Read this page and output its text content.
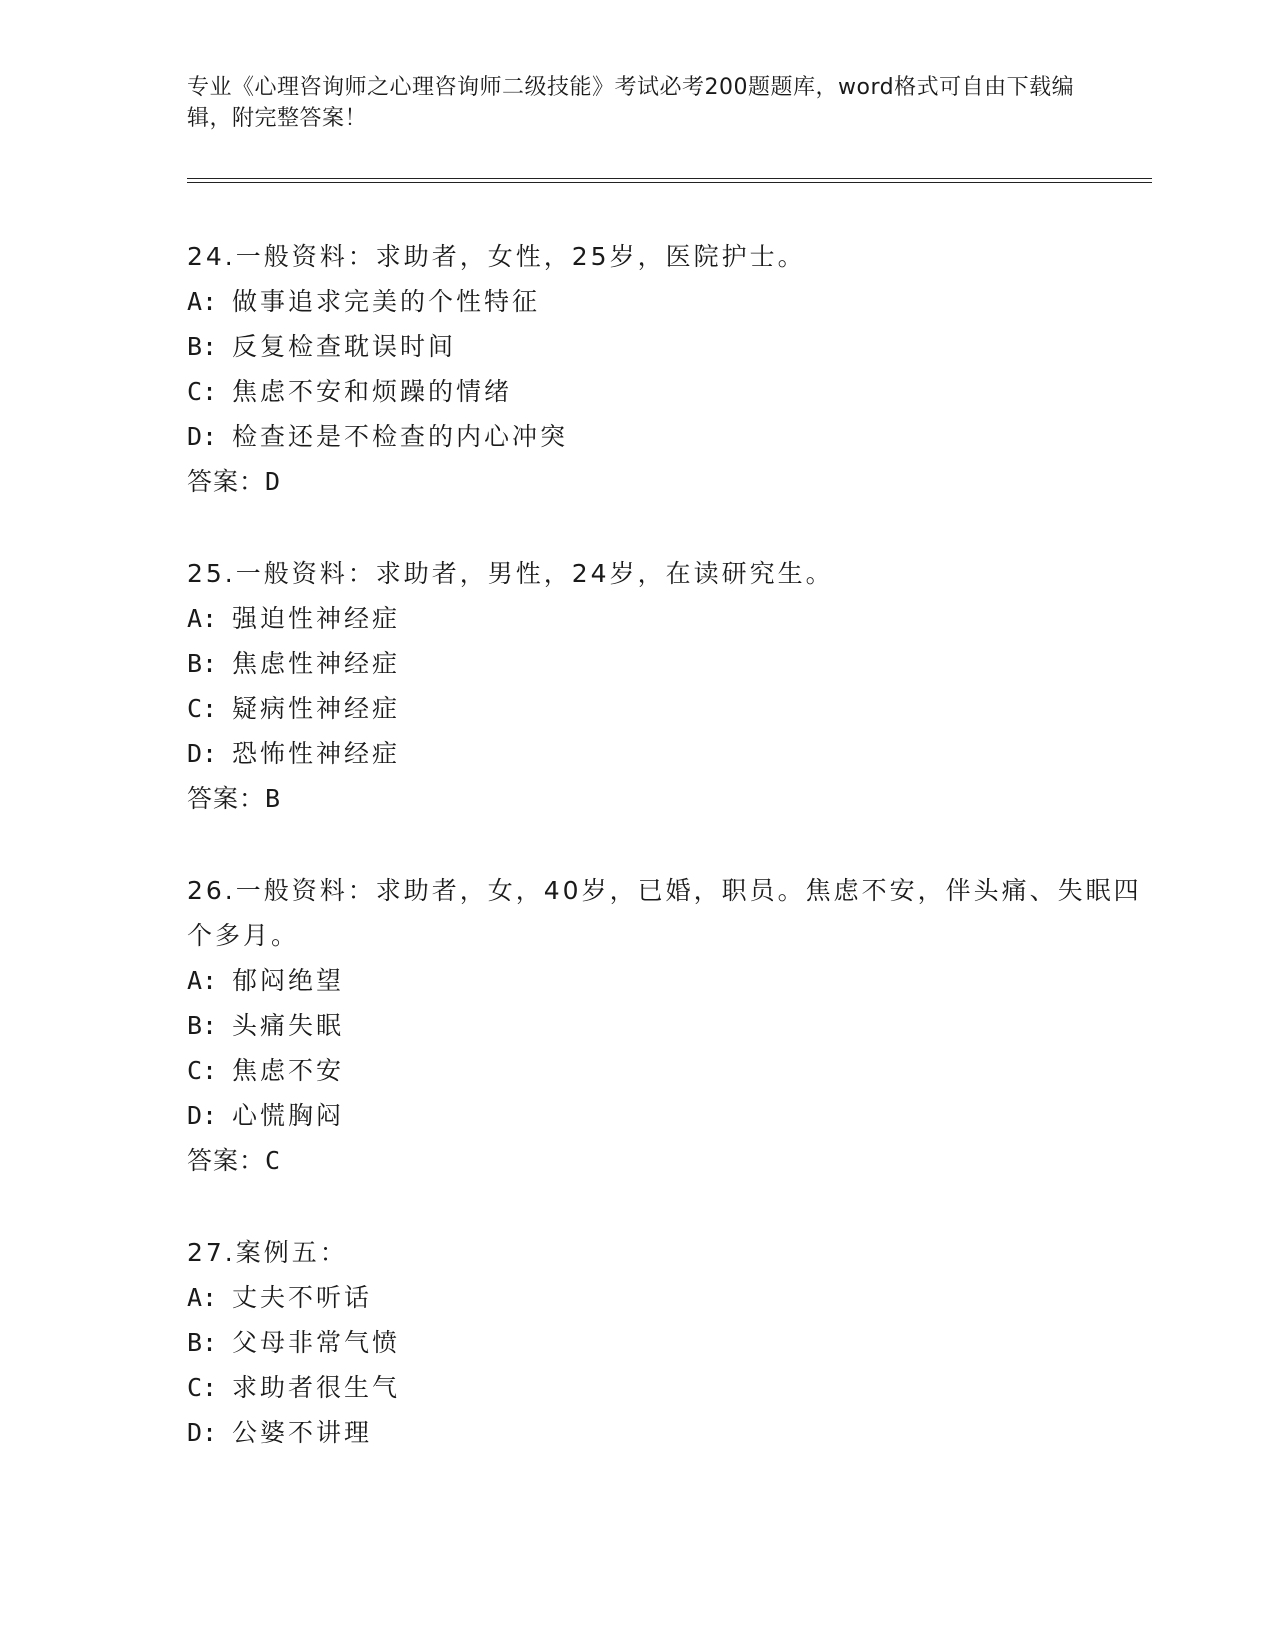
专业《心理咨询师之心理咨询师二级技能》考试必考200题题库，word格式可自由下载编辑，附完整答案！
24.一般资料：求助者，女性，25岁，医院护士。
A: 做事追求完美的个性特征
B: 反复检查耽误时间
C: 焦虑不安和烦躁的情绪
D: 检查还是不检查的内心冲突
答案：D
25.一般资料：求助者，男性，24岁，在读研究生。
A: 强迫性神经症
B: 焦虑性神经症
C: 疑病性神经症
D: 恐怖性神经症
答案：B
26.一般资料：求助者，女，40岁，已婚，职员。焦虑不安，伴头痛、失眠四个多月。
A: 郁闷绝望
B: 头痛失眠
C: 焦虑不安
D: 心慌胸闷
答案：C
27.案例五：
A: 丈夫不听话
B: 父母非常气愤
C: 求助者很生气
D: 公婆不讲理
